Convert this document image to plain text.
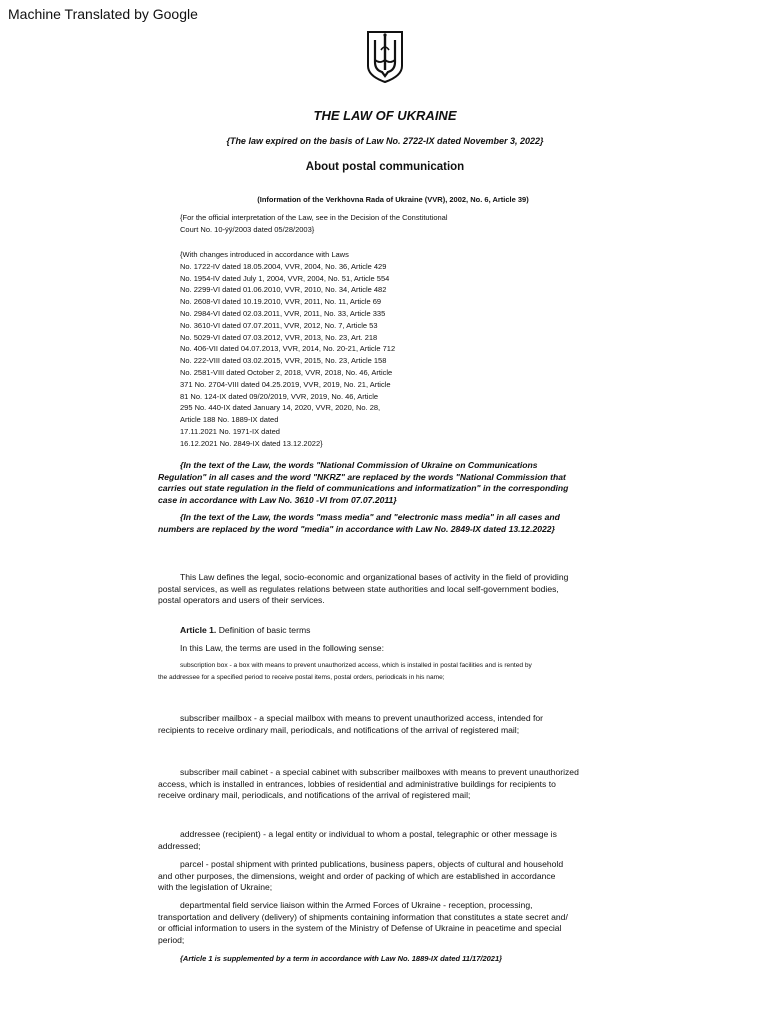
Machine Translated by Google
THE LAW OF UKRAINE
{The law expired on the basis of Law No. 2722-IX dated November 3, 2022}
About postal communication
(Information of the Verkhovna Rada of Ukraine (VVR), 2002, No. 6, Article 39)
{For the official interpretation of the Law, see in the Decision of the Constitutional
Court No. 10-ÿÿ/2003 dated 05/28/2003}
{With changes introduced in accordance with Laws
No. 1722-IV dated 18.05.2004, VVR, 2004, No. 36, Article 429
No. 1954-IV dated July 1, 2004, VVR, 2004, No. 51, Article 554
No. 2299-VI dated 01.06.2010, VVR, 2010, No. 34, Article 482
No. 2608-VI dated 10.19.2010, VVR, 2011, No. 11, Article 69
No. 2984-VI dated 02.03.2011, VVR, 2011, No. 33, Article 335
No. 3610-VI dated 07.07.2011, VVR, 2012, No. 7, Article 53
No. 5029-VI dated 07.03.2012, VVR, 2013, No. 23, Art. 218
No. 406-VII dated 04.07.2013, VVR, 2014, No. 20-21, Article 712
No. 222-VIII dated 03.02.2015, VVR, 2015, No. 23, Article 158
No. 2581-VIII dated October 2, 2018, VVR, 2018, No. 46, Article
371 No. 2704-VIII dated 04.25.2019, VVR, 2019, No. 21, Article
81 No. 124-IX dated 09/20/2019, VVR, 2019, No. 46, Article
295 No. 440-IX dated January 14, 2020, VVR, 2020, No. 28,
Article 188 No. 1889-IX dated
17.11.2021 No. 1971-IX dated
16.12.2021 No. 2849-IX dated 13.12.2022}
{In the text of the Law, the words "National Commission of Ukraine on Communications
Regulation" in all cases and the word "NKRZ" are replaced by the words "National Commission that
carries out state regulation in the field of communications and informatization" in the corresponding
case in accordance with Law No. 3610 -VI from 07.07.2011}
{In the text of the Law, the words "mass media" and "electronic mass media" in all cases and
numbers are replaced by the word "media" in accordance with Law No. 2849-IX dated 13.12.2022}
This Law defines the legal, socio-economic and organizational bases of activity in the field of providing
postal services, as well as regulates relations between state authorities and local self-government bodies,
postal operators and users of their services.
Article 1. Definition of basic terms
In this Law, the terms are used in the following sense:
subscription box - a box with means to prevent unauthorized access, which is installed in postal facilities and is rented by
the addressee for a specified period to receive postal items, postal orders, periodicals in his name;
subscriber mailbox - a special mailbox with means to prevent unauthorized access, intended for
recipients to receive ordinary mail, periodicals, and notifications of the arrival of registered mail;
subscriber mail cabinet - a special cabinet with subscriber mailboxes with means to prevent unauthorized
access, which is installed in entrances, lobbies of residential and administrative buildings for recipients to
receive ordinary mail, periodicals, and notifications of the arrival of registered mail;
addressee (recipient) - a legal entity or individual to whom a postal, telegraphic or other message is
addressed;
parcel - postal shipment with printed publications, business papers, objects of cultural and household
and other purposes, the dimensions, weight and order of packing of which are established in accordance
with the legislation of Ukraine;
departmental field service liaison within the Armed Forces of Ukraine - reception, processing,
transportation and delivery (delivery) of shipments containing information that constitutes a state secret and/
or official information to users in the system of the Ministry of Defense of Ukraine in peacetime and special
period;
{Article 1 is supplemented by a term in accordance with Law No. 1889-IX dated 11/17/2021}
